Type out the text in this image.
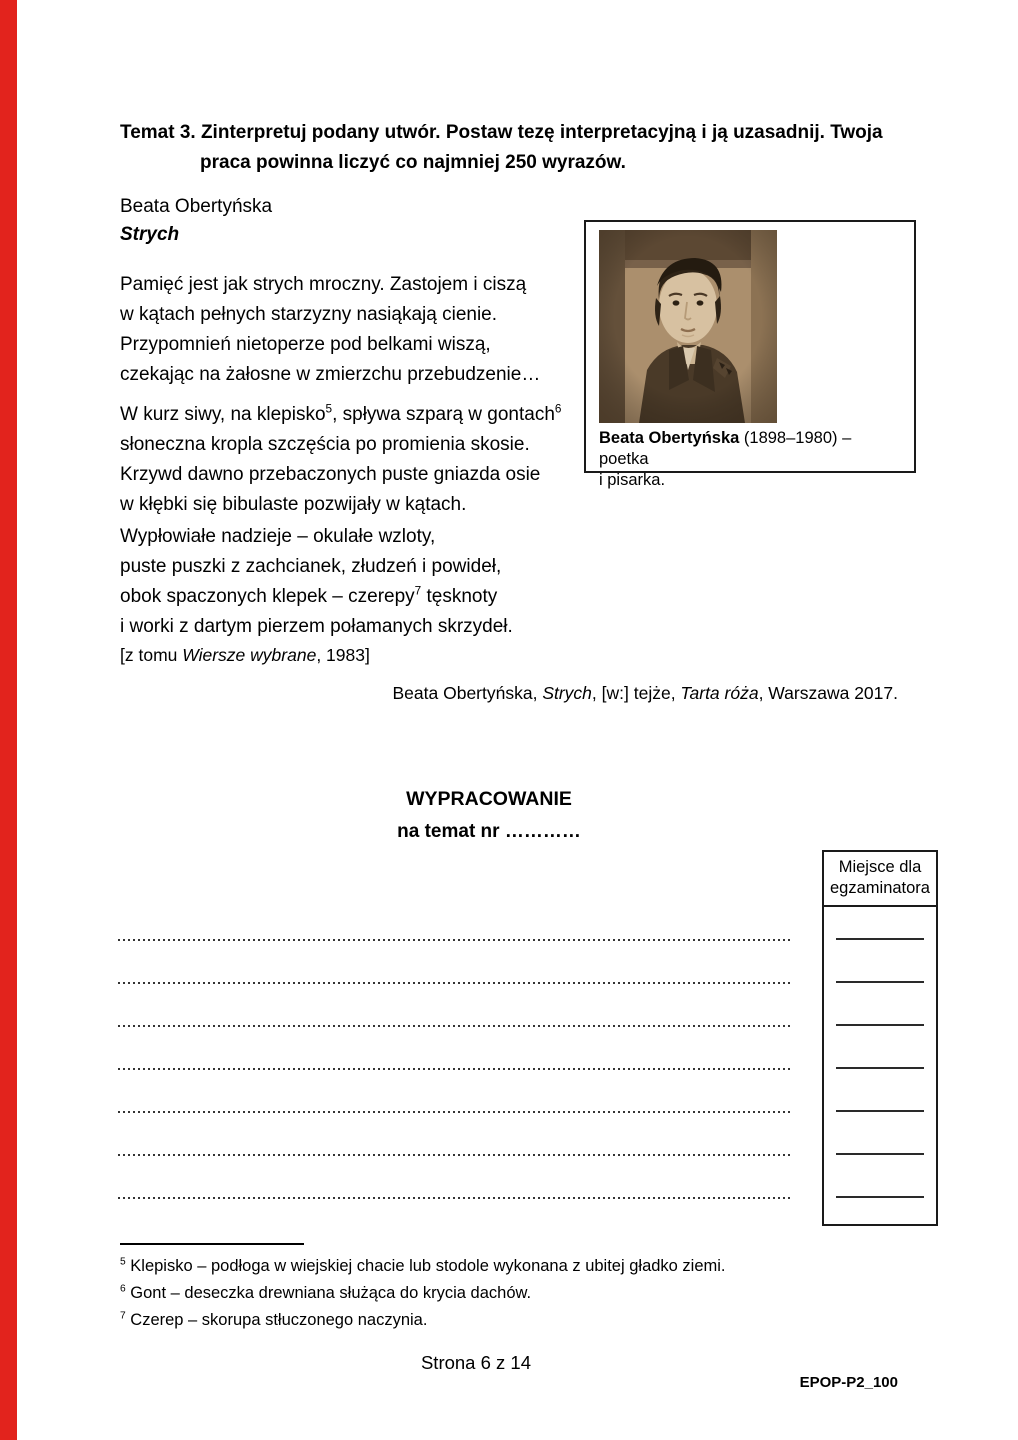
Temat 3. Zinterpretuj podany utwór. Postaw tezę interpretacyjną i ją uzasadnij. Twoja
praca powinna liczyć co najmniej 250 wyrazów.
Beata Obertyńska
Strych
Pamięć jest jak strych mroczny. Zastojem i ciszą
w kątach pełnych starzyzny nasiąkają cienie.
Przypomnień nietoperze pod belkami wiszą,
czekając na żałosne w zmierzchu przebudzenie…
W kurz siwy, na klepisko$^5$, spływa szparą w gontach$^6$
słoneczna kropla szczęścia po promienia skosie.
Krzywd dawno przebaczonych puste gniazda osie
w kłębki się bibulaste pozwijały w kątach.
Wypłowiałe nadzieje – okulałe wzloty,
puste puszki z zachcianek, złudzeń i powideł,
obok spaczonych klepek – czerepy$^7$ tęsknoty
i worki z dartym pierzem połamanych skrzydeł.
Beata Obertyńska (1898–1980) – poetka
i pisarka.
[z tomu Wiersze wybrane, 1983]
Beata Obertyńska, Strych, [w:] tejże, Tarta róża, Warszawa 2017.
WYPRACOWANIE
na temat nr …………
Miejsce dla egzaminatora
$^5$ Klepisko – podłoga w wiejskiej chacie lub stodole wykonana z ubitej gładko ziemi.
$^6$ Gont – deseczka drewniana służąca do krycia dachów.
$^7$ Czerep – skorupa stłuczonego naczynia.
Strona 6 z 14
EPOP-P2_100
